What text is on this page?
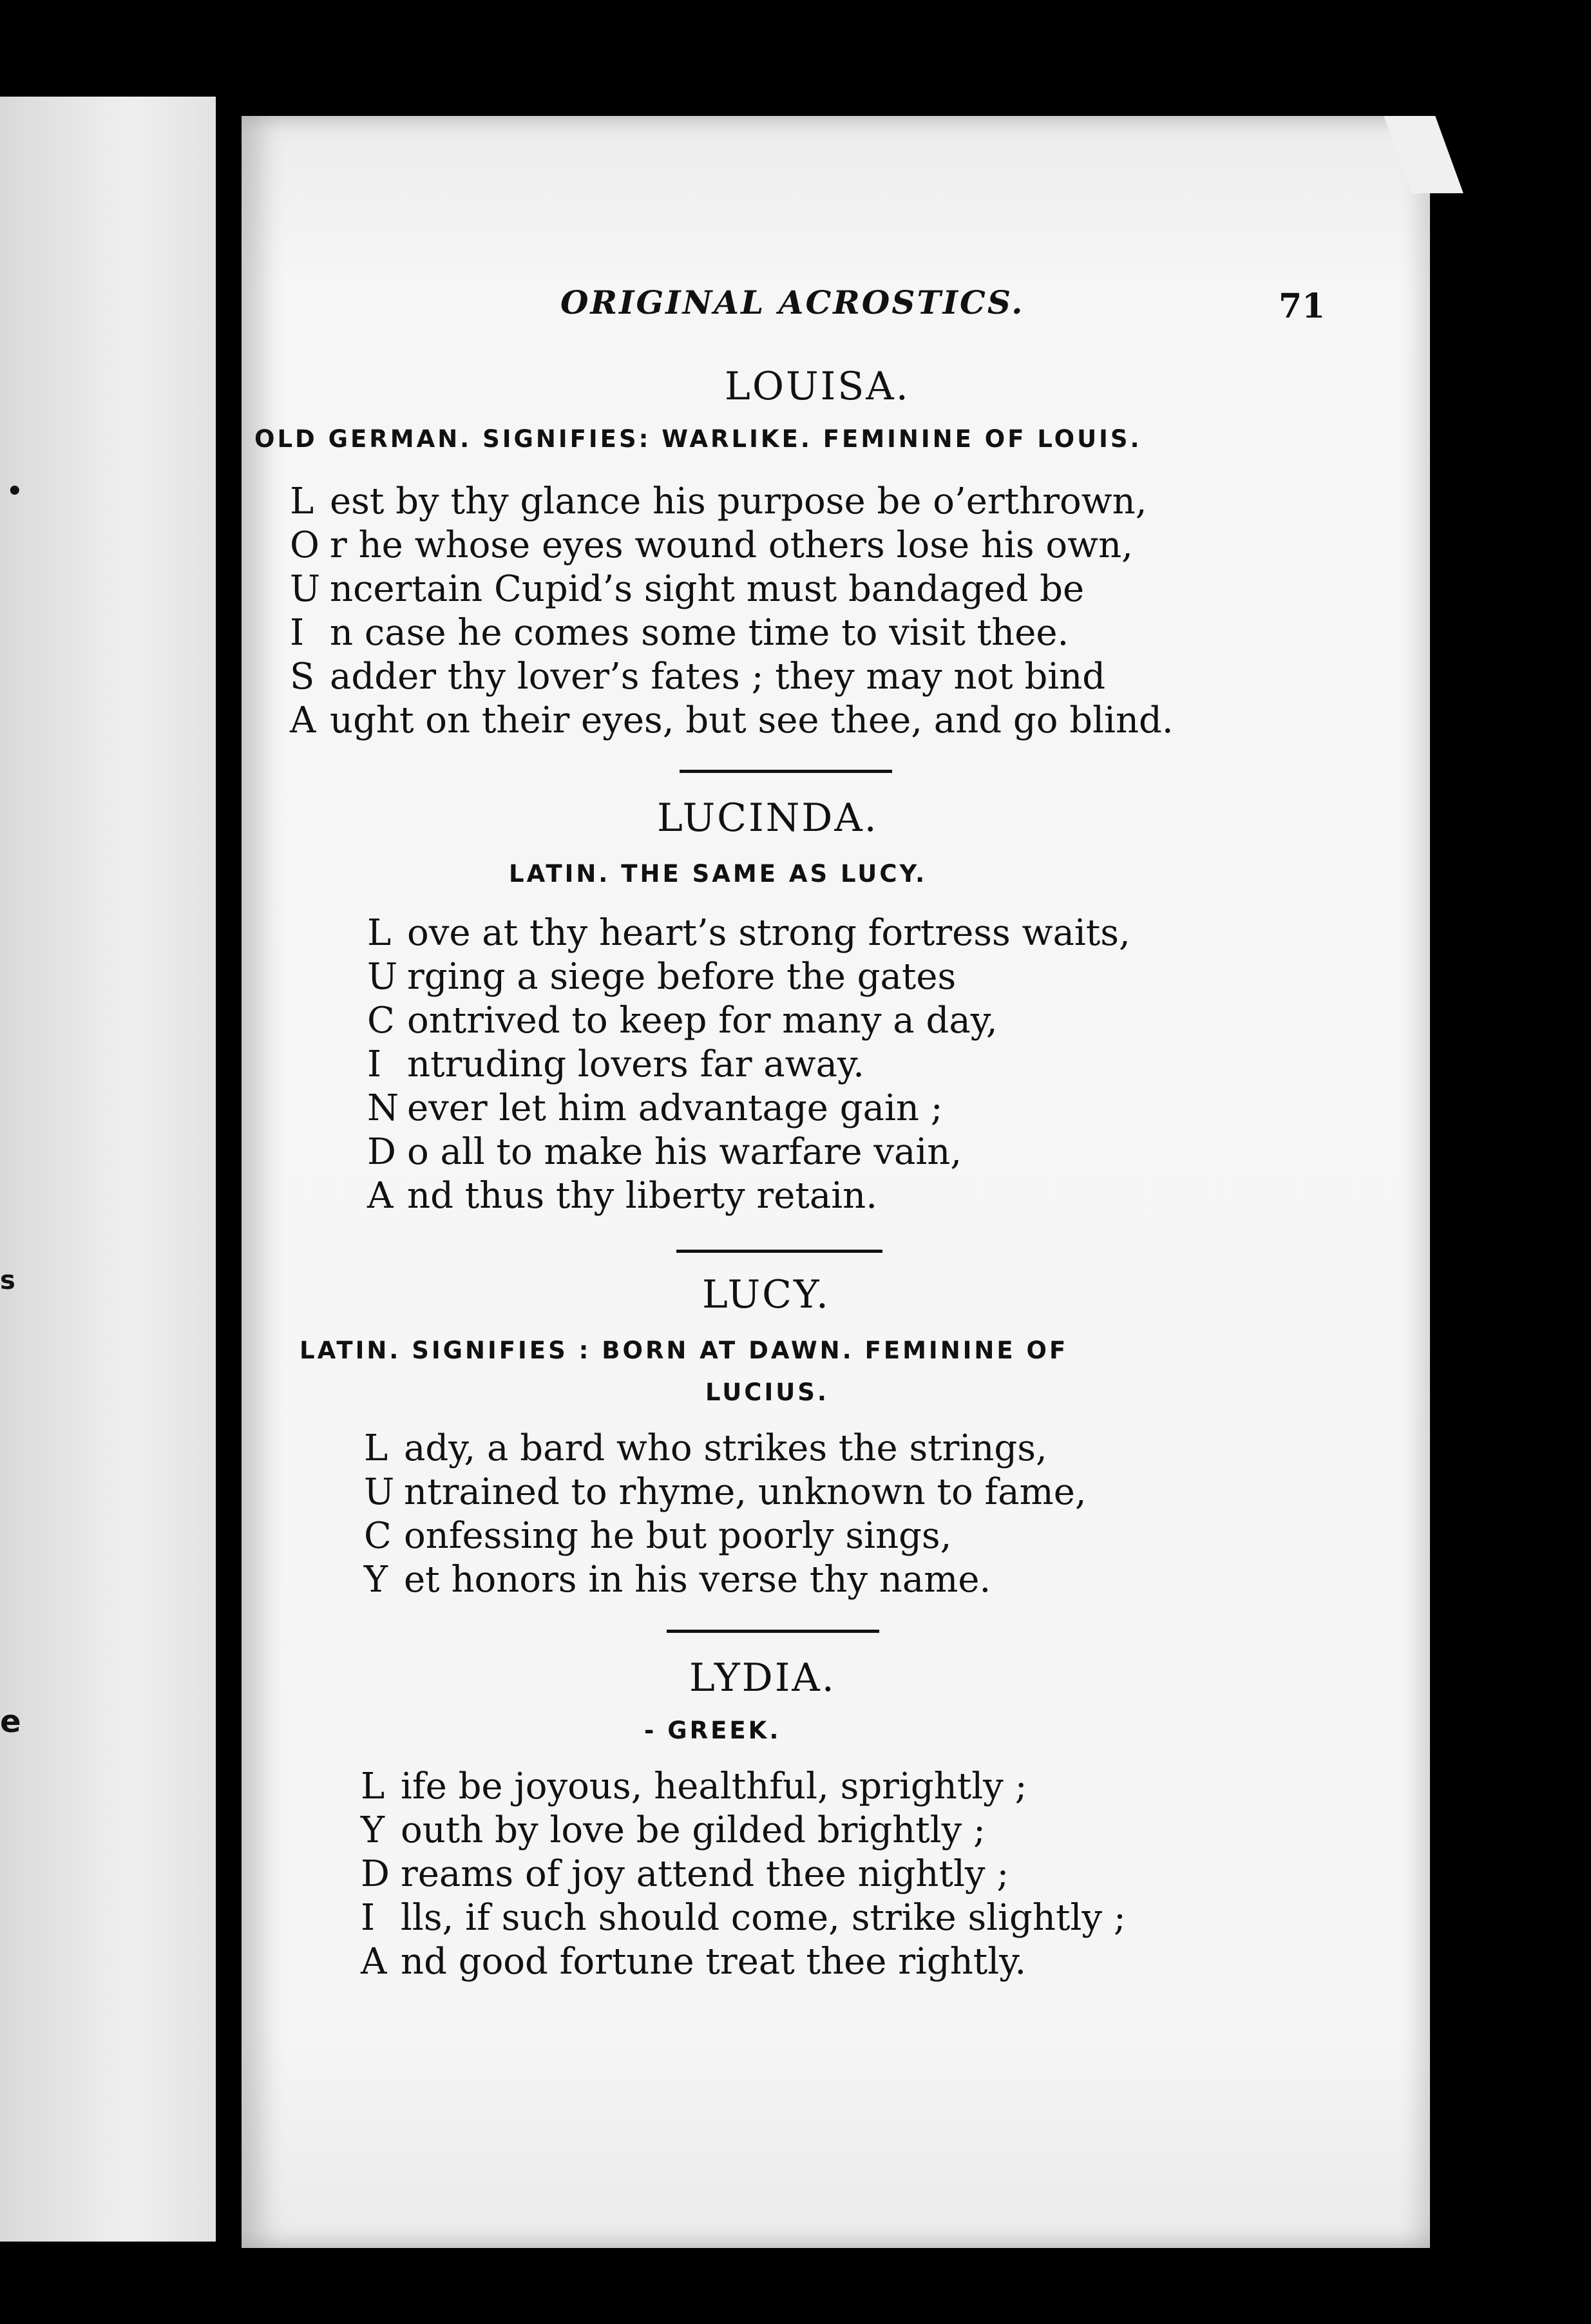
•
s
e
ORIGINAL ACROSTICS.	71
LOUISA.
OLD GERMAN. SIGNIFIES: WARLIKE. FEMININE OF LOUIS.
L est by thy glance his purpose be o’erthrown,
O r he whose eyes wound others lose his own,
U ncertain Cupid’s sight must bandaged be
I n case he comes some time to visit thee.
S adder thy lover’s fates ; they may not bind
A ught on their eyes, but see thee, and go blind.
LUCINDA.
LATIN. THE SAME AS LUCY.
L ove at thy heart’s strong fortress waits,
U rging a siege before the gates
C ontrived to keep for many a day,
I ntruding lovers far away.
N ever let him advantage gain ;
D o all to make his warfare vain,
A nd thus thy liberty retain.
LUCY.
LATIN. SIGNIFIES : BORN AT DAWN. FEMININE OF
LUCIUS.
L ady, a bard who strikes the strings,
U ntrained to rhyme, unknown to fame,
C onfessing he but poorly sings,
Y et honors in his verse thy name.
LYDIA.
- GREEK.
L ife be joyous, healthful, sprightly ;
Y outh by love be gilded brightly ;
D reams of joy attend thee nightly ;
I lls, if such should come, strike slightly ;
A nd good fortune treat thee rightly.
